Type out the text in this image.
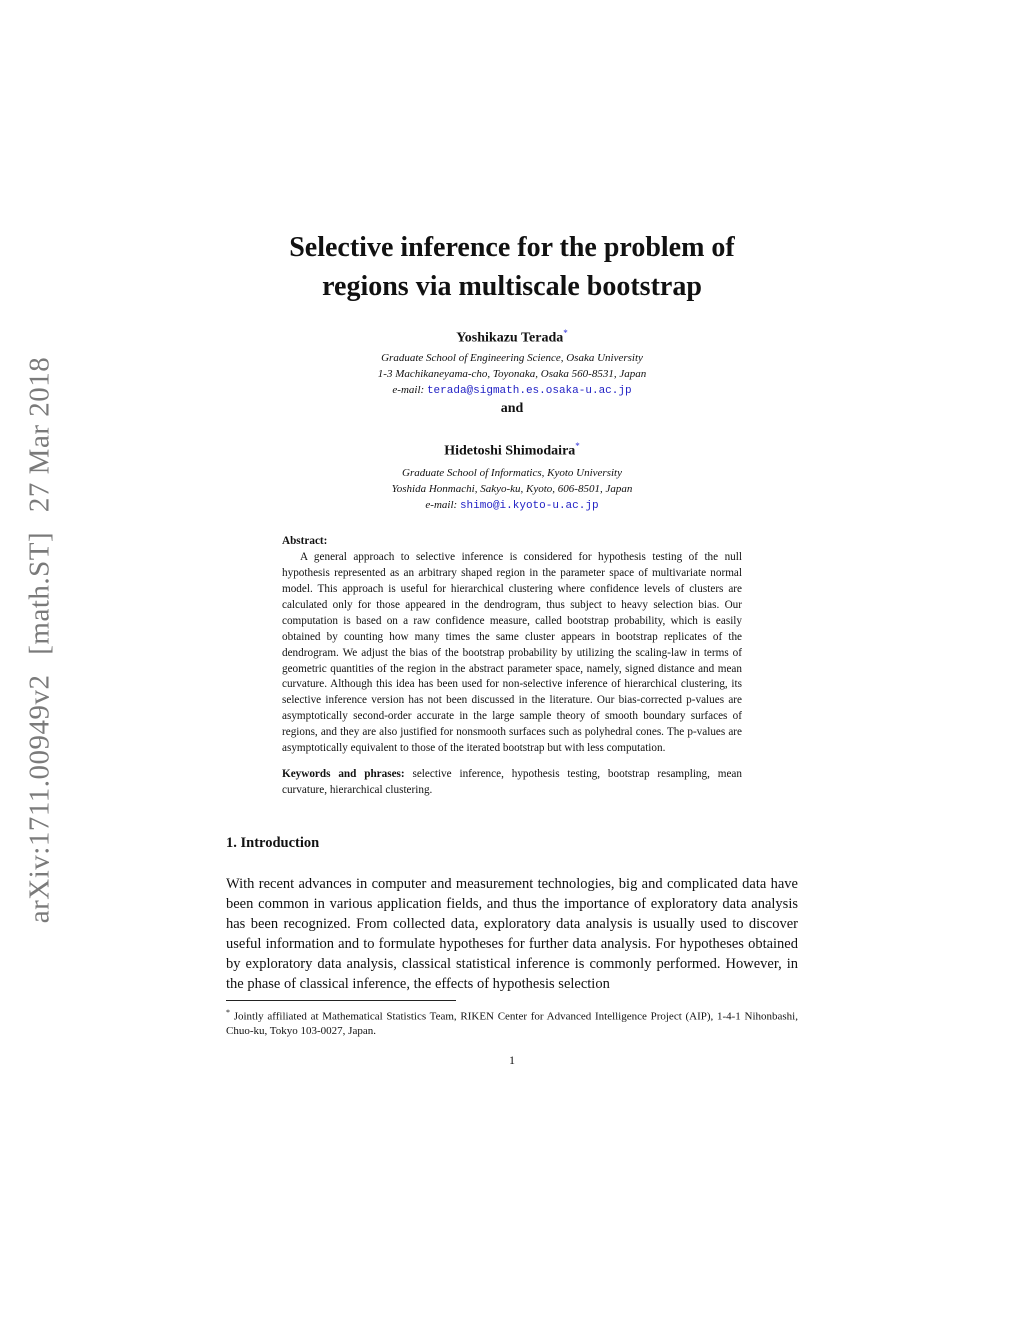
arXiv:1711.00949v2 [math.ST] 27 Mar 2018
Selective inference for the problem of
regions via multiscale bootstrap
Yoshikazu Terada*
Graduate School of Engineering Science, Osaka University
1-3 Machikaneyama-cho, Toyonaka, Osaka 560-8531, Japan
e-mail: terada@sigmath.es.osaka-u.ac.jp
and
Hidetoshi Shimodaira*
Graduate School of Informatics, Kyoto University
Yoshida Honmachi, Sakyo-ku, Kyoto, 606-8501, Japan
e-mail: shimo@i.kyoto-u.ac.jp
Abstract:
A general approach to selective inference is considered for hypothesis testing of the null hypothesis represented as an arbitrary shaped region in the parameter space of multivariate normal model. This approach is useful for hierarchical clustering where confidence levels of clusters are calculated only for those appeared in the dendrogram, thus subject to heavy selection bias. Our computation is based on a raw confidence measure, called bootstrap probability, which is easily obtained by counting how many times the same cluster appears in bootstrap replicates of the dendrogram. We adjust the bias of the bootstrap probability by utilizing the scaling-law in terms of geometric quantities of the region in the abstract parameter space, namely, signed distance and mean curvature. Although this idea has been used for non-selective inference of hierarchical clustering, its selective inference version has not been discussed in the literature. Our bias-corrected p-values are asymptotically second-order accurate in the large sample theory of smooth boundary surfaces of regions, and they are also justified for nonsmooth surfaces such as polyhedral cones. The p-values are asymptotically equivalent to those of the iterated bootstrap but with less computation.
Keywords and phrases: selective inference, hypothesis testing, bootstrap resampling, mean curvature, hierarchical clustering.
1. Introduction
With recent advances in computer and measurement technologies, big and complicated data have been common in various application fields, and thus the importance of exploratory data analysis has been recognized. From collected data, exploratory data analysis is usually used to discover useful information and to formulate hypotheses for further data analysis. For hypotheses obtained by exploratory data analysis, classical statistical inference is commonly performed. However, in the phase of classical inference, the effects of hypothesis selection
* Jointly affiliated at Mathematical Statistics Team, RIKEN Center for Advanced Intelligence Project (AIP), 1-4-1 Nihonbashi, Chuo-ku, Tokyo 103-0027, Japan.
1
